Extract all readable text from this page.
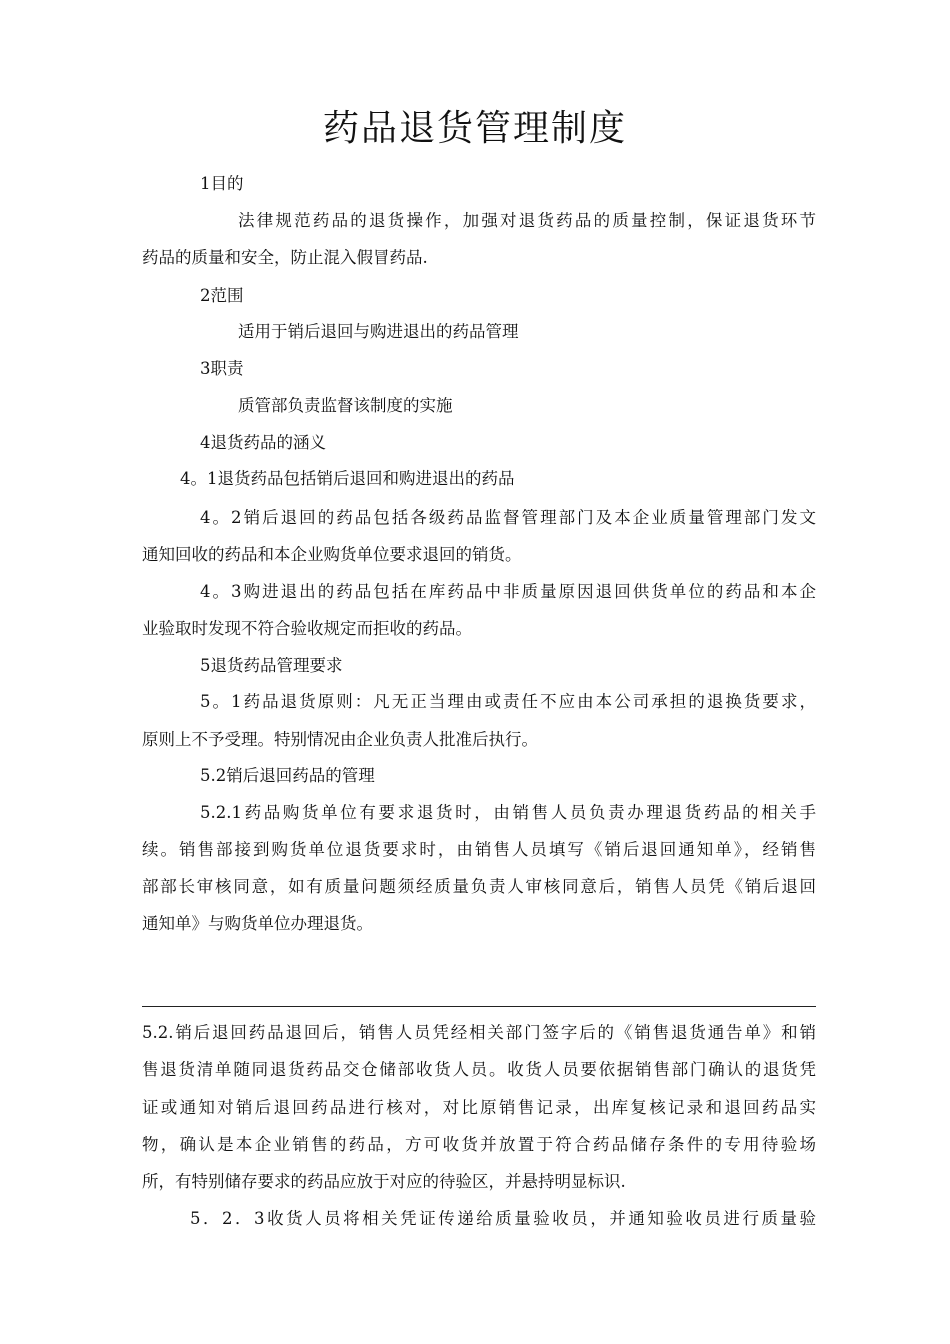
药品退货管理制度
1目的
法律规范药品的退货操作，加强对退货药品的质量控制，保证退货环节
药品的质量和安全，防止混入假冒药品.
2范围
适用于销后退回与购进退出的药品管理
3职责
质管部负责监督该制度的实施
4退货药品的涵义
4。1退货药品包括销后退回和购进退出的药品
4。2销后退回的药品包括各级药品监督管理部门及本企业质量管理部门发文
通知回收的药品和本企业购货单位要求退回的销货。
4。3购进退出的药品包括在库药品中非质量原因退回供货单位的药品和本企
业验取时发现不符合验收规定而拒收的药品。
5退货药品管理要求
5。1药品退货原则：凡无正当理由或责任不应由本公司承担的退换货要求，
原则上不予受理。特别情况由企业负责人批准后执行。
5.2销后退回药品的管理
5.2.1药品购货单位有要求退货时，由销售人员负责办理退货药品的相关手
续。销售部接到购货单位退货要求时，由销售人员填写《销后退回通知单》，经销售
部部长审核同意，如有质量问题须经质量负责人审核同意后，销售人员凭《销后退回
通知单》与购货单位办理退货。
5.2.销后退回药品退回后，销售人员凭经相关部门签字后的《销售退货通告单》和销
售退货清单随同退货药品交仓储部收货人员。收货人员要依据销售部门确认的退货凭
证或通知对销后退回药品进行核对，对比原销售记录，出库复核记录和退回药品实
物，确认是本企业销售的药品，方可收货并放置于符合药品储存条件的专用待验场
所，有特别储存要求的药品应放于对应的待验区，并悬持明显标识.
5．2．3收货人员将相关凭证传递给质量验收员，并通知验收员进行质量验
